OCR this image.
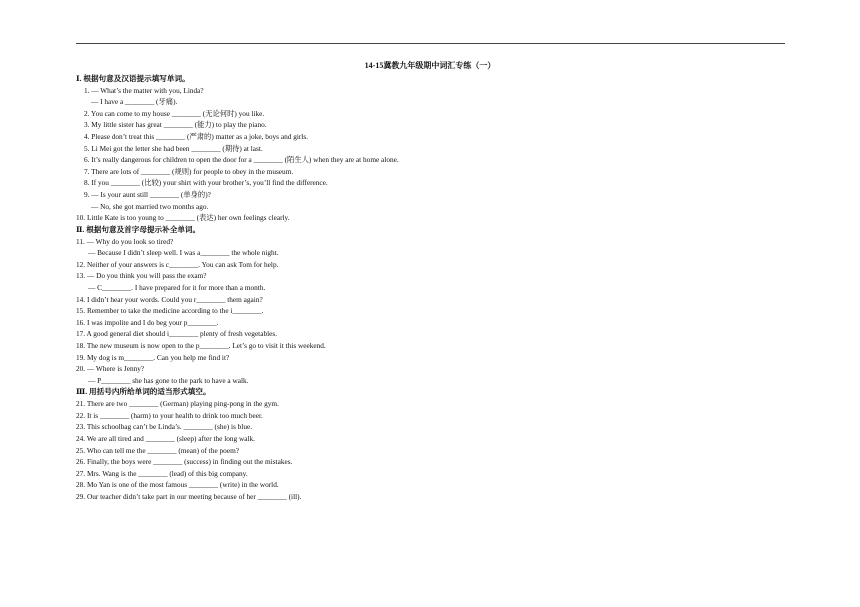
14-15冀教九年级期中词汇专练（一）
Ⅰ. 根据句意及汉语提示填写单词。
1. — What’s the matter with you, Linda?
— I have a ________ (牙痛).
2. You can come to my house ________ (无论何时) you like.
3. My little sister has great ________ (能力) to play the piano.
4. Please don’t treat this ________ (严肃的) matter as a joke, boys and girls.
5. Li Mei got the letter she had been ________ (期待) at last.
6. It’s really dangerous for children to open the door for a ________ (陌生人) when they are at home alone.
7. There are lots of ________ (规则) for people to obey in the museum.
8. If you ________ (比较) your shirt with your brother’s, you’ll find the difference.
9. — Is your aunt still ________ (单身的)?
— No, she got married two months ago.
10. Little Kate is too young to ________ (表达) her own feelings clearly.
Ⅱ. 根据句意及首字母提示补全单词。
11. — Why do you look so tired?
— Because I didn’t sleep well. I was a________ the whole night.
12. Neither of your answers is c________. You can ask Tom for help.
13. — Do you think you will pass the exam?
— C________. I have prepared for it for more than a month.
14. I didn’t hear your words. Could you r________ them again?
15. Remember to take the medicine according to the i________.
16. I was impolite and I do beg your p________.
17. A good general diet should i________ plenty of fresh vegetables.
18. The new museum is now open to the p________. Let’s go to visit it this weekend.
19. My dog is m________. Can you help me find it?
20. — Where is Jenny?
— P________ she has gone to the park to have a walk.
Ⅲ. 用括号内所给单词的适当形式填空。
21. There are two ________ (German) playing ping-pong in the gym.
22. It is ________ (harm) to your health to drink too much beer.
23. This schoolbag can’t be Linda’s. ________ (she) is blue.
24. We are all tired and ________ (sleep) after the long walk.
25. Who can tell me the ________ (mean) of the poem?
26. Finally, the boys were ________ (success) in finding out the mistakes.
27. Mrs. Wang is the ________ (lead) of this big company.
28. Mo Yan is one of the most famous ________ (write) in the world.
29. Our teacher didn’t take part in our meeting because of her ________ (ill).
